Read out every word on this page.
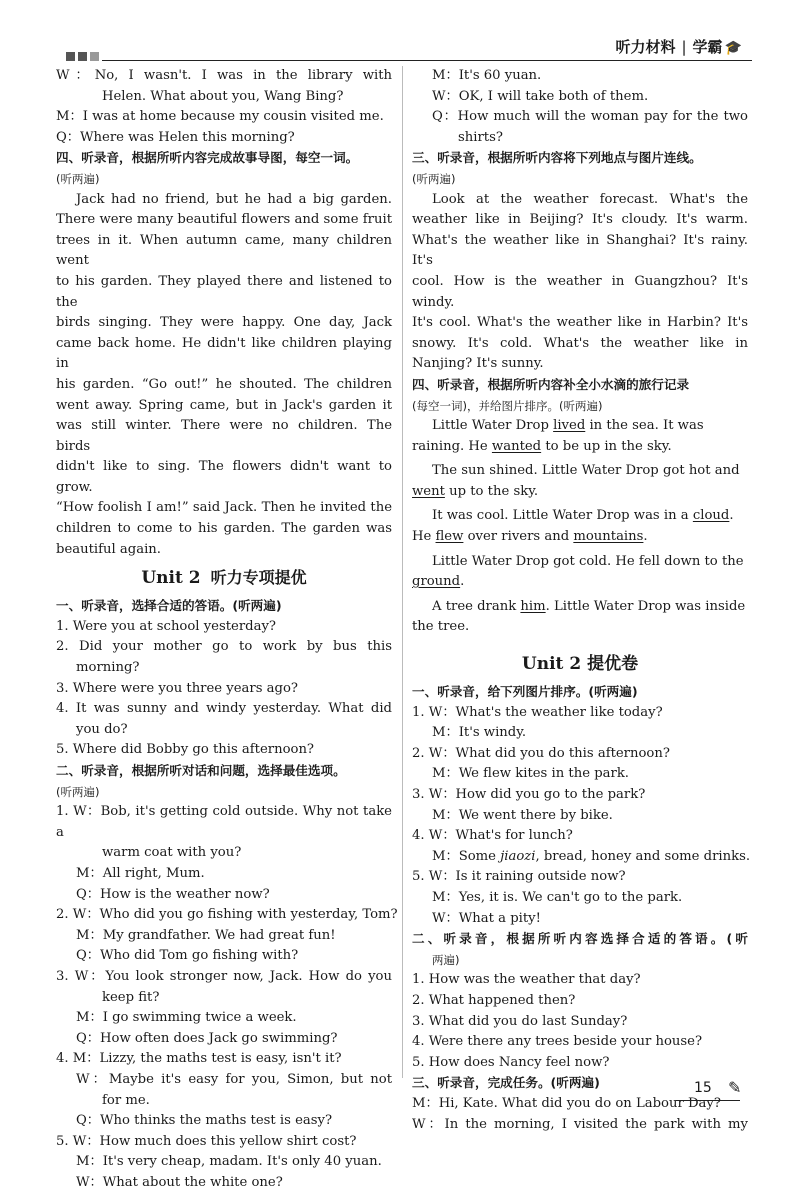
听力材料 | 学霸 🎓
W：No, I wasn't. I was in the library with
Helen. What about you, Wang Bing?
M：I was at home because my cousin visited me.
Q：Where was Helen this morning?
四、听录音，根据所听内容完成故事导图，每空一词。
(听两遍)
Jack had no friend, but he had a big garden.
There were many beautiful flowers and some fruit
trees in it. When autumn came, many children went
to his garden. They played there and listened to the
birds singing. They were happy. One day, Jack
came back home. He didn't like children playing in
his garden. “Go out!” he shouted. The children
went away. Spring came, but in Jack's garden it
was still winter. There were no children. The birds
didn't like to sing. The flowers didn't want to grow.
“How foolish I am!” said Jack. Then he invited the
children to come to his garden. The garden was
beautiful again.
Unit 2 听力专项提优
一、听录音，选择合适的答语。(听两遍)
1. Were you at school yesterday?
2. Did your mother go to work by bus this
morning?
3. Where were you three years ago?
4. It was sunny and windy yesterday. What did
you do?
5. Where did Bobby go this afternoon?
二、听录音，根据所听对话和问题，选择最佳选项。
(听两遍)
1. W：Bob, it's getting cold outside. Why not take a
warm coat with you?
M：All right, Mum.
Q：How is the weather now?
2. W：Who did you go fishing with yesterday, Tom?
M：My grandfather. We had great fun!
Q：Who did Tom go fishing with?
3. W：You look stronger now, Jack. How do you
keep fit?
M：I go swimming twice a week.
Q：How often does Jack go swimming?
4. M：Lizzy, the maths test is easy, isn't it?
W：Maybe it's easy for you, Simon, but not
for me.
Q：Who thinks the maths test is easy?
5. W：How much does this yellow shirt cost?
M：It's very cheap, madam. It's only 40 yuan.
W：What about the white one?
M：It's 60 yuan.
W：OK, I will take both of them.
Q：How much will the woman pay for the two
shirts?
三、听录音，根据所听内容将下列地点与图片连线。
(听两遍)
Look at the weather forecast. What's the
weather like in Beijing? It's cloudy. It's warm.
What's the weather like in Shanghai? It's rainy. It's
cool. How is the weather in Guangzhou? It's windy.
It's cool. What's the weather like in Harbin? It's
snowy. It's cold. What's the weather like in
Nanjing? It's sunny.
四、听录音，根据所听内容补全小水滴的旅行记录
(每空一词)，并给图片排序。(听两遍)
Little Water Drop lived in the sea. It was
raining. He wanted to be up in the sky.
The sun shined. Little Water Drop got hot and
went up to the sky.
It was cool. Little Water Drop was in a cloud.
He flew over rivers and mountains.
Little Water Drop got cold. He fell down to the
ground.
A tree drank him. Little Water Drop was inside
the tree.
Unit 2 提优卷
一、听录音，给下列图片排序。(听两遍)
1. W：What's the weather like today?
M：It's windy.
2. W：What did you do this afternoon?
M：We flew kites in the park.
3. W：How did you go to the park?
M：We went there by bike.
4. W：What's for lunch?
M：Some jiaozi, bread, honey and some drinks.
5. W：Is it raining outside now?
M：Yes, it is. We can't go to the park.
W：What a pity!
二、听录音，根据所听内容选择合适的答语。(听
两遍)
1. How was the weather that day?
2. What happened then?
3. What did you do last Sunday?
4. Were there any trees beside your house?
5. How does Nancy feel now?
三、听录音，完成任务。(听两遍)
M：Hi, Kate. What did you do on Labour Day?
W：In the morning, I visited the park with my
15 ✎
